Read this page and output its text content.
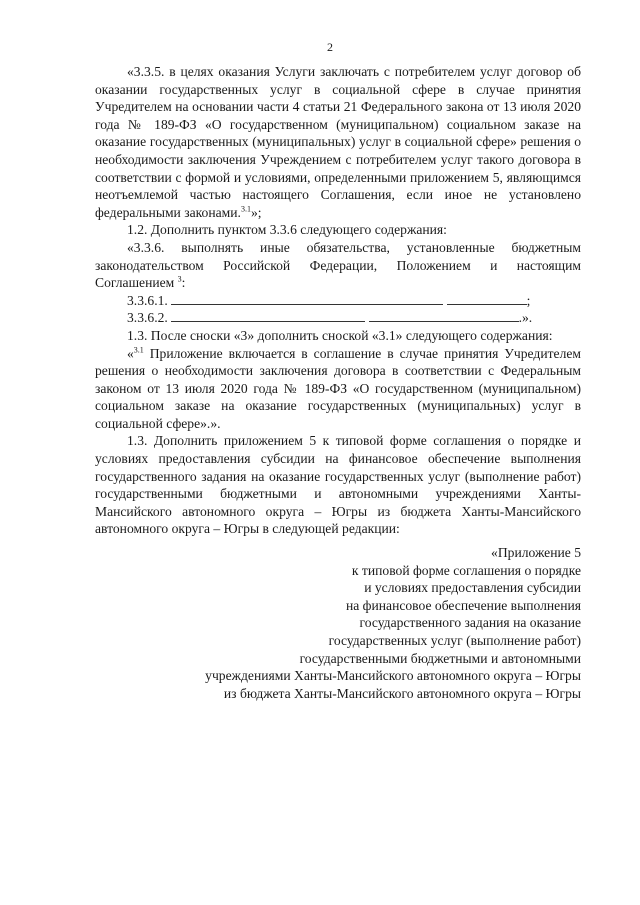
2

«3.3.5. в целях оказания Услуги заключать с потребителем услуг договор об оказании государственных услуг в социальной сфере в случае принятия Учредителем на основании части 4 статьи 21 Федерального закона от 13 июля 2020 года № 189-ФЗ «О государственном (муниципальном) социальном заказе на оказание государственных (муниципальных) услуг в социальной сфере» решения о необходимости заключения Учреждением с потребителем услуг такого договора в соответствии с формой и условиями, определенными приложением 5, являющимся неотъемлемой частью настоящего Соглашения, если иное не установлено федеральными законами.$^{3.1}$»;

1.2. Дополнить пунктом 3.3.6 следующего содержания:

«3.3.6. выполнять иные обязательства, установленные бюджетным законодательством Российской Федерации, Положением и настоящим Соглашением $^3$:

3.3.6.1.	;

3.3.6.2.	.».

1.3. После сноски «3» дополнить сноской «3.1» следующего содержания:

«$^{3.1}$ Приложение включается в соглашение в случае принятия Учредителем решения о необходимости заключения договора в соответствии с Федеральным законом от 13 июля 2020 года № 189-ФЗ «О государственном (муниципальном) социальном заказе на оказание государственных (муниципальных) услуг в социальной сфере».».

1.3. Дополнить приложением 5 к типовой форме соглашения о порядке и условиях предоставления субсидии на финансовое обеспечение выполнения государственного задания на оказание государственных услуг (выполнение работ) государственными бюджетными и автономными учреждениями Ханты-Мансийского автономного округа – Югры из бюджета Ханты-Мансийского автономного округа – Югры в следующей редакции:

«Приложение 5
к типовой форме соглашения о порядке
и условиях предоставления субсидии
на финансовое обеспечение выполнения
государственного задания на оказание
государственных услуг (выполнение работ)
государственными бюджетными и автономными
учреждениями Ханты-Мансийского автономного округа – Югры
из бюджета Ханты-Мансийского автономного округа – Югры
